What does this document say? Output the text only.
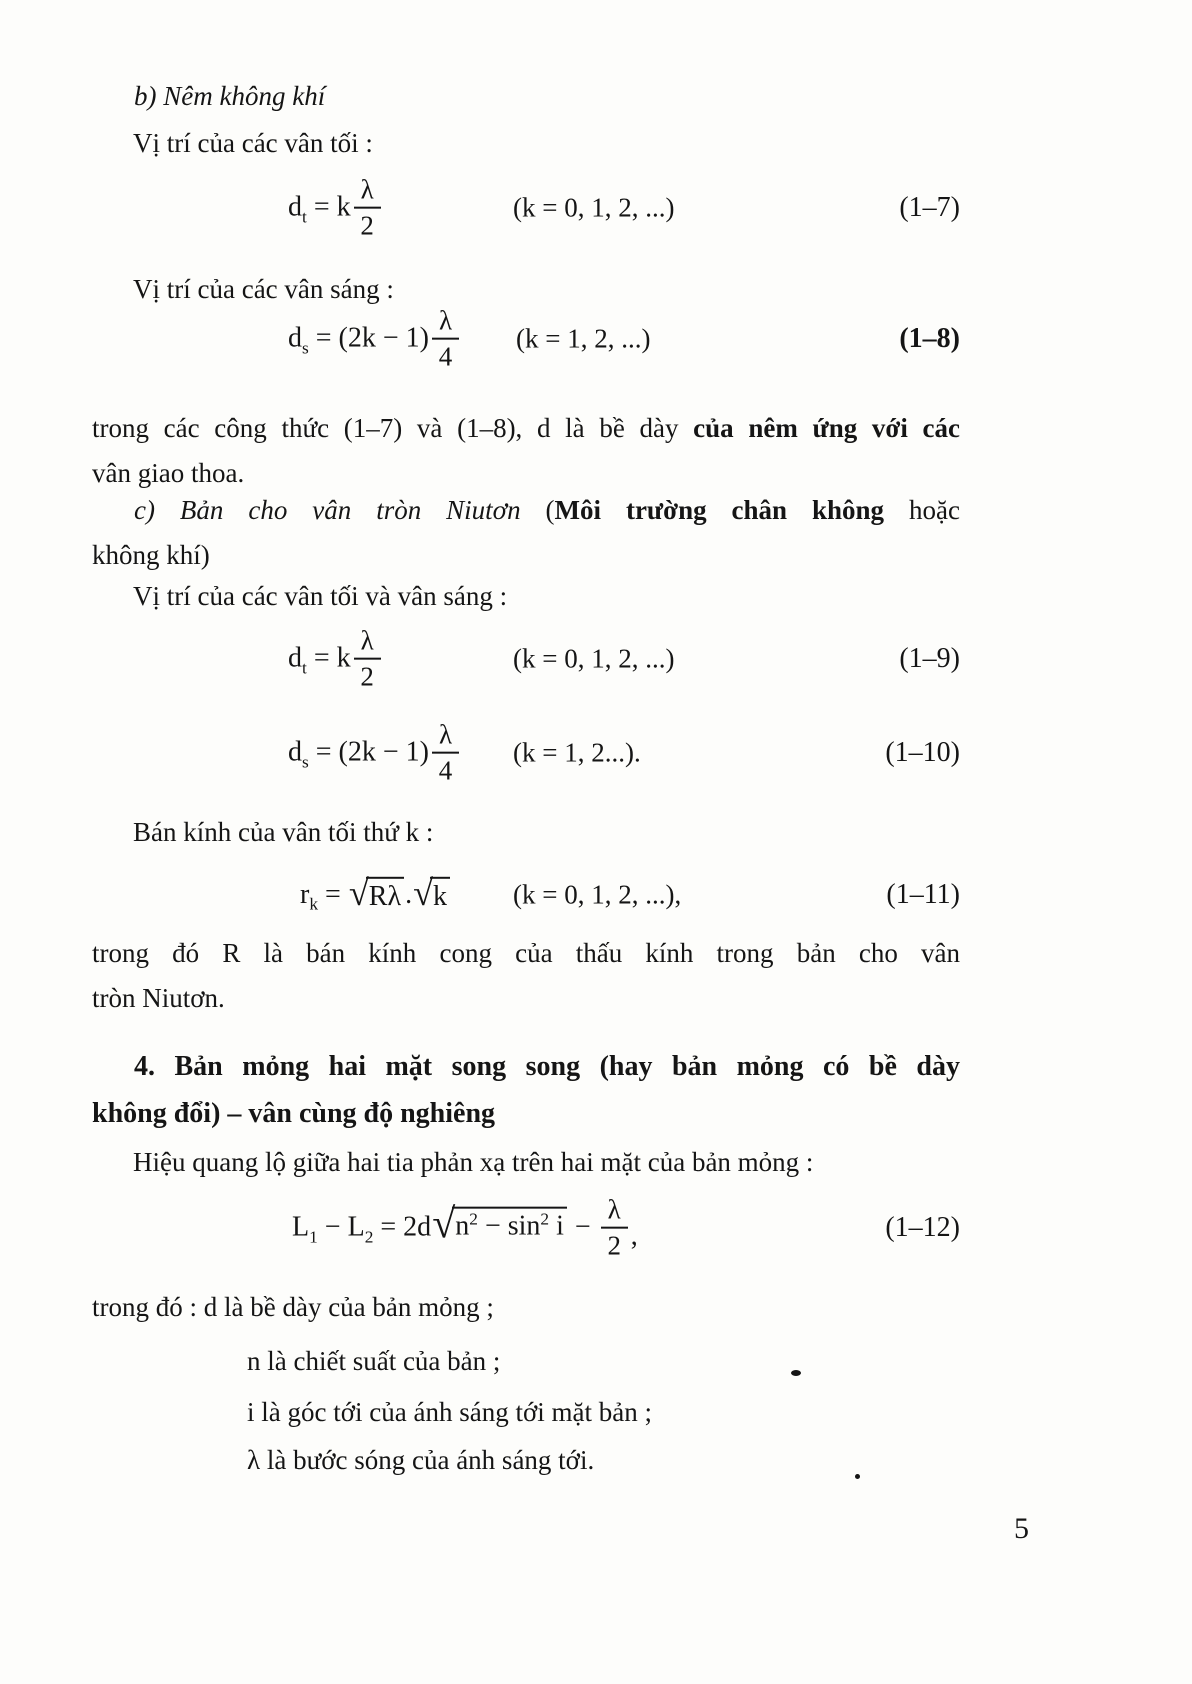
b) Nêm không khí
Vị trí của các vân tối :
$d_t = k \frac{\lambda}{2}$	(k = 0, 1, 2, ...)	(1–7)
Vị trí của các vân sáng :
$d_s = (2k - 1) \frac{\lambda}{4} (k = 1$, 2, ...)	(1–8)
trong các công thức (1–7) và (1–8), d là bề dày của nêm ứng với các
vân giao thoa.
c) Bản cho vân tròn Niutơn (Môi trường chân không hoặc
không khí)
Vị trí của các vân tối và vân sáng :
$d_t = k \frac{\lambda}{2}$	(k = 0, 1, 2, ...)	(1–9)
$d_s = (2k - 1) \frac{\lambda}{4} (k = 1$, 2...).	(1–10)
Bán kính của vân tối thứ k :
$r_k$ = √ Rλ . √ k (k = 0, 1, 2, ...),	(1–11)
trong đó R là bán kính cong của thấu kính trong bản cho vân
tròn Niutơn.
4. Bản mỏng hai mặt song song (hay bản mỏng có bề dày
không đổi) – vân cùng độ nghiêng
Hiệu quang lộ giữa hai tia phản xạ trên hai mặt của bản mỏng :
$L_1 - L_2 = 2d$ √ $n^2 - \sin^2 i - \frac{\lambda}{2}$ ,	(1–12)
trong đó : d là bề dày của bản mỏng ;
n là chiết suất của bản ;
i là góc tới của ánh sáng tới mặt bản ;
λ là bước sóng của ánh sáng tới.
5
